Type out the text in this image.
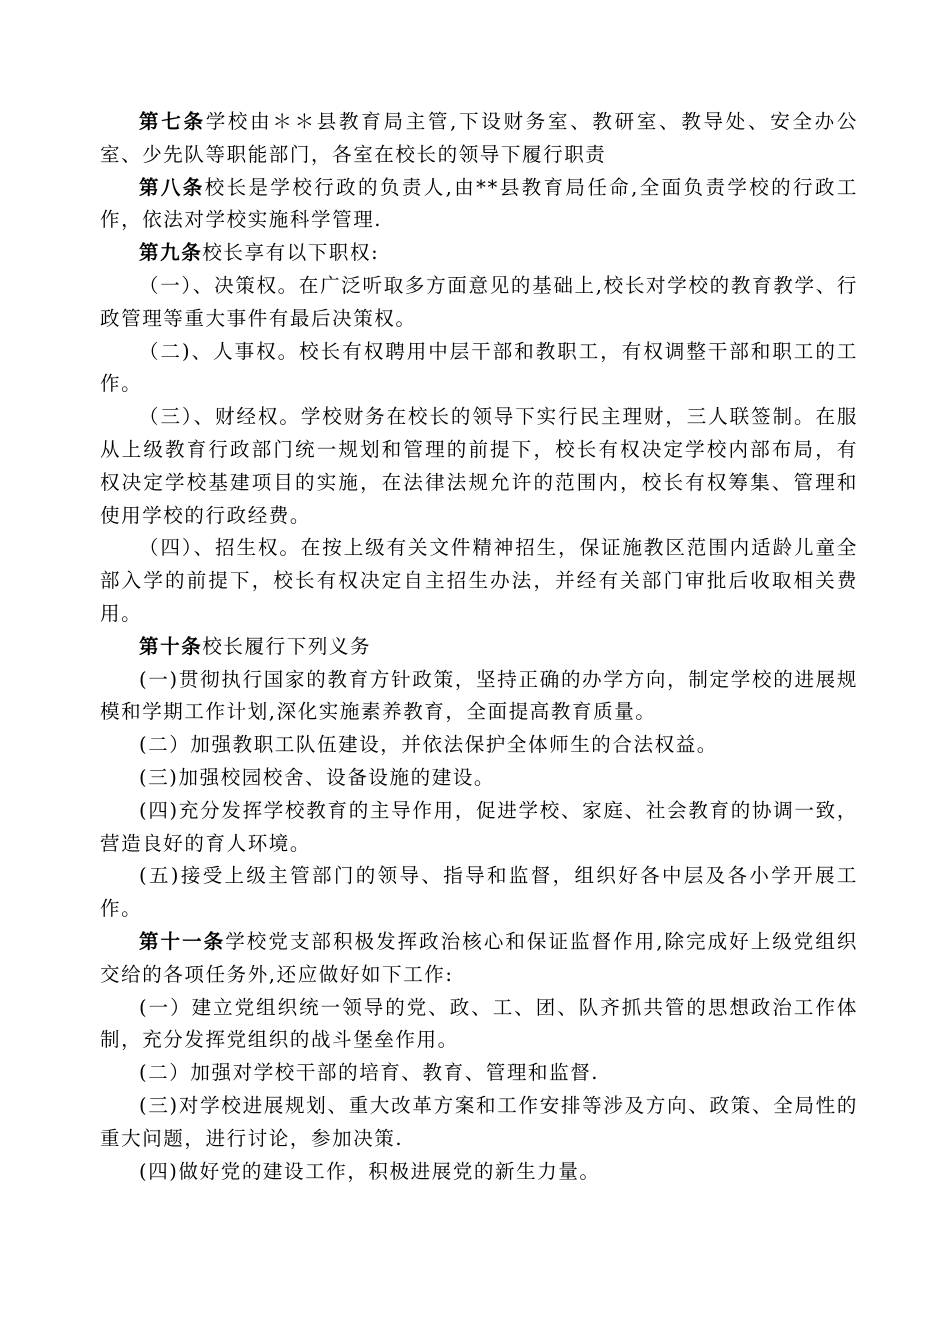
第七条学校由＊＊县教育局主管,下设财务室、教研室、教导处、安全办公室、少先队等职能部门，各室在校长的领导下履行职责

第八条校长是学校行政的负责人,由**县教育局任命,全面负责学校的行政工作，依法对学校实施科学管理.

第九条校长享有以下职权:

（一）、决策权。在广泛听取多方面意见的基础上,校长对学校的教育教学、行政管理等重大事件有最后决策权。

（二)、人事权。校长有权聘用中层干部和教职工，有权调整干部和职工的工作。

（三）、财经权。学校财务在校长的领导下实行民主理财，三人联签制。在服从上级教育行政部门统一规划和管理的前提下，校长有权决定学校内部布局，有权决定学校基建项目的实施，在法律法规允许的范围内，校长有权筹集、管理和使用学校的行政经费。

（四）、招生权。在按上级有关文件精神招生，保证施教区范围内适龄儿童全部入学的前提下，校长有权决定自主招生办法，并经有关部门审批后收取相关费用。

第十条校长履行下列义务

(一)贯彻执行国家的教育方针政策，坚持正确的办学方向，制定学校的进展规模和学期工作计划,深化实施素养教育，全面提高教育质量。

(二）加强教职工队伍建设，并依法保护全体师生的合法权益。

(三)加强校园校舍、设备设施的建设。

(四)充分发挥学校教育的主导作用，促进学校、家庭、社会教育的协调一致，营造良好的育人环境。

(五)接受上级主管部门的领导、指导和监督，组织好各中层及各小学开展工作。

第十一条学校党支部积极发挥政治核心和保证监督作用,除完成好上级党组织交给的各项任务外,还应做好如下工作:

(一）建立党组织统一领导的党、政、工、团、队齐抓共管的思想政治工作体制，充分发挥党组织的战斗堡垒作用。

(二）加强对学校干部的培育、教育、管理和监督.

(三)对学校进展规划、重大改革方案和工作安排等涉及方向、政策、全局性的重大问题，进行讨论，参加决策.

(四)做好党的建设工作，积极进展党的新生力量。
